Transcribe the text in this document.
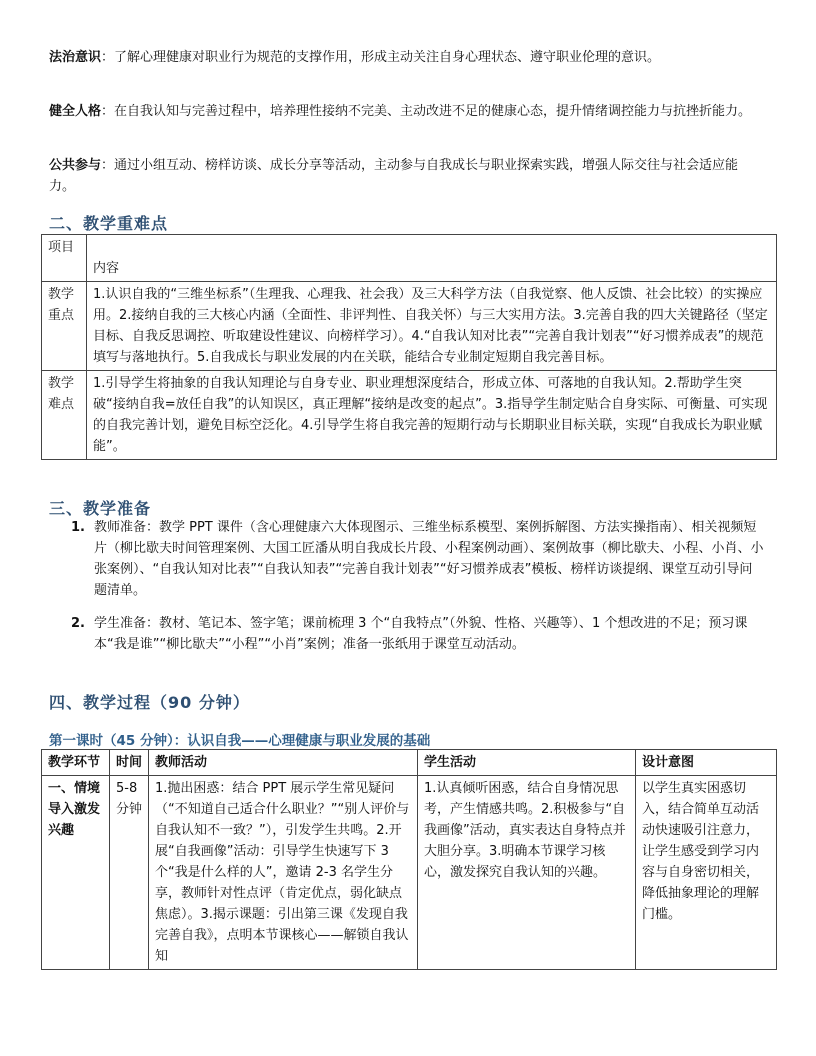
法治意识：了解心理健康对职业行为规范的支撑作用，形成主动关注自身心理状态、遵守职业伦理的意识。
健全人格：在自我认知与完善过程中，培养理性接纳不完美、主动改进不足的健康心态，提升情绪调控能力与抗挫折能力。
公共参与：通过小组互动、榜样访谈、成长分享等活动，主动参与自我成长与职业探索实践，增强人际交往与社会适应能力。
二、教学重难点
项目	内容
教学重点	1.认识自我的“三维坐标系”（生理我、心理我、社会我）及三大科学方法（自我觉察、他人反馈、社会比较）的实操应用。2.接纳自我的三大核心内涵（全面性、非评判性、自我关怀）与三大实用方法。3.完善自我的四大关键路径（坚定目标、自我反思调控、听取建设性建议、向榜样学习）。4.“自我认知对比表”“完善自我计划表”“好习惯养成表”的规范填写与落地执行。5.自我成长与职业发展的内在关联，能结合专业制定短期自我完善目标。
教学难点	1.引导学生将抽象的自我认知理论与自身专业、职业理想深度结合，形成立体、可落地的自我认知。2.帮助学生突破“接纳自我=放任自我”的认知误区，真正理解“接纳是改变的起点”。3.指导学生制定贴合自身实际、可衡量、可实现的自我完善计划，避免目标空泛化。4.引导学生将自我完善的短期行动与长期职业目标关联，实现“自我成长为职业赋能”。
三、教学准备
1. 教师准备：教学 PPT 课件（含心理健康六大体现图示、三维坐标系模型、案例拆解图、方法实操指南）、相关视频短片（柳比歇夫时间管理案例、大国工匠潘从明自我成长片段、小程案例动画）、案例故事（柳比歇夫、小程、小肖、小张案例）、“自我认知对比表”“自我认知表”“完善自我计划表”“好习惯养成表”模板、榜样访谈提纲、课堂互动引导问题清单。
2. 学生准备：教材、笔记本、签字笔；课前梳理 3 个“自我特点”（外貌、性格、兴趣等）、1 个想改进的不足；预习课本“我是谁”“柳比歇夫”“小程”“小肖”案例；准备一张纸用于课堂互动活动。
四、教学过程（90 分钟）
第一课时（45 分钟）：认识自我——心理健康与职业发展的基础
教学环节	时间	教师活动	学生活动	设计意图
一、情境导入激发兴趣	5-8 分钟	1.抛出困惑：结合 PPT 展示学生常见疑问（“不知道自己适合什么职业？”“别人评价与自我认知不一致？”），引发学生共鸣。2.开展“自我画像”活动：引导学生快速写下 3 个“我是什么样的人”，邀请 2-3 名学生分享，教师针对性点评（肯定优点，弱化缺点焦虑）。3.揭示课题：引出第三课《发现自我 完善自我》，点明本节课核心——解锁自我认知	1.认真倾听困惑，结合自身情况思考，产生情感共鸣。2.积极参与“自我画像”活动，真实表达自身特点并大胆分享。3.明确本节课学习核心，激发探究自我认知的兴趣。	以学生真实困惑切入，结合简单互动活动快速吸引注意力，让学生感受到学习内容与自身密切相关，降低抽象理论的理解门槛。
